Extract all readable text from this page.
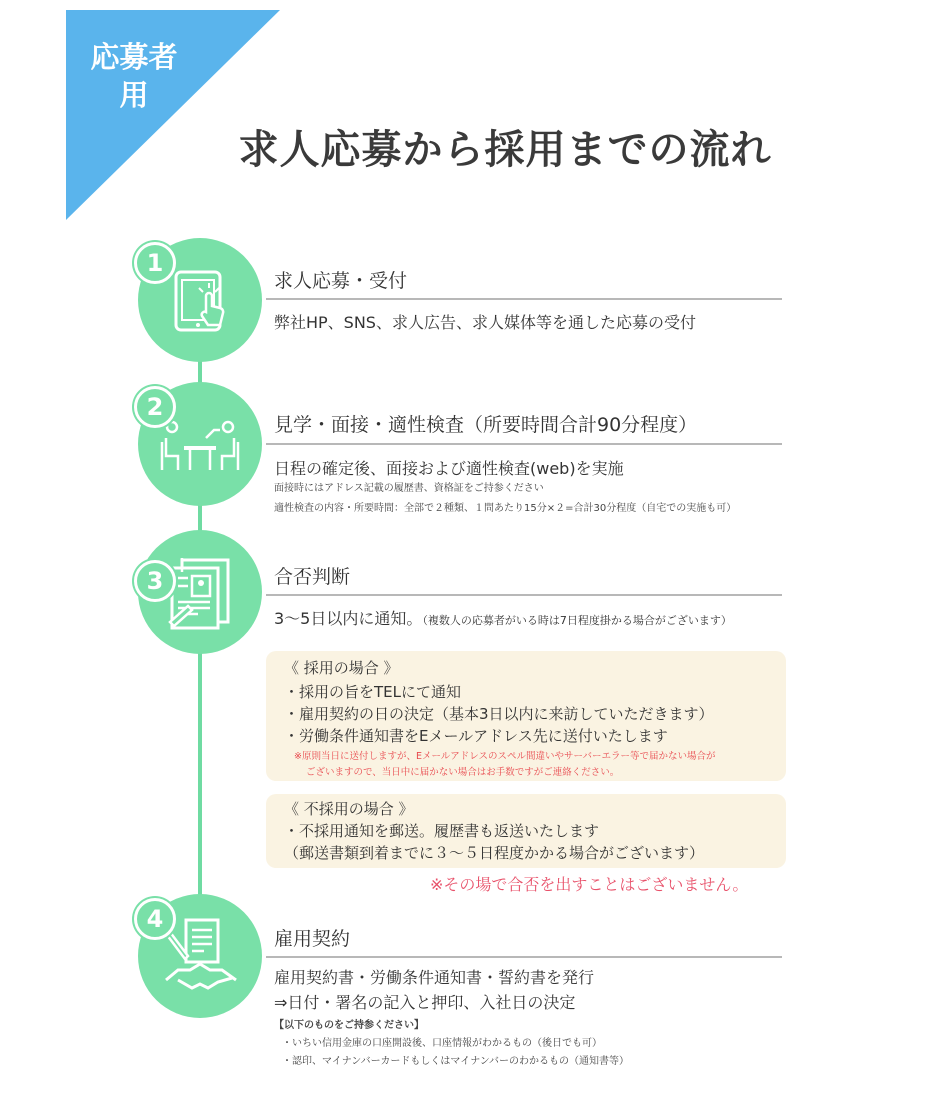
応募者用
求人応募から採用までの流れ
1
求人応募・受付
弊社HP、SNS、求人広告、求人媒体等を通した応募の受付
2
見学・面接・適性検査（所要時間合計90分程度）
日程の確定後、面接および適性検査(web)を実施
面接時にはアドレス記載の履歴書、資格証をご持参ください
適性検査の内容・所要時間：全部で２種類、１問あたり15分×２=合計30分程度（自宅での実施も可）
3	合否判断
3～5日以内に通知。（複数人の応募者がいる時は7日程度掛かる場合がございます）
《 採用の場合 》
・採用の旨をTELにて通知
・雇用契約の日の決定（基本3日以内に来訪していただきます）
・労働条件通知書をEメールアドレス先に送付いたします
※原則当日に送付しますが、Eメールアドレスのスペル間違いやサーバーエラー等で届かない場合が
ございますので、当日中に届かない場合はお手数ですがご連絡ください。
《 不採用の場合 》
・不採用通知を郵送。履歴書も返送いたします
（郵送書類到着までに３～５日程度かかる場合がございます）
※その場で合否を出すことはございません。
4
雇用契約
雇用契約書・労働条件通知書・誓約書を発行
⇒日付・署名の記入と押印、入社日の決定
【以下のものをご持参ください】
・いちい信用金庫の口座開設後、口座情報がわかるもの（後日でも可）
・認印、マイナンバーカードもしくはマイナンバーのわかるもの（通知書等）
